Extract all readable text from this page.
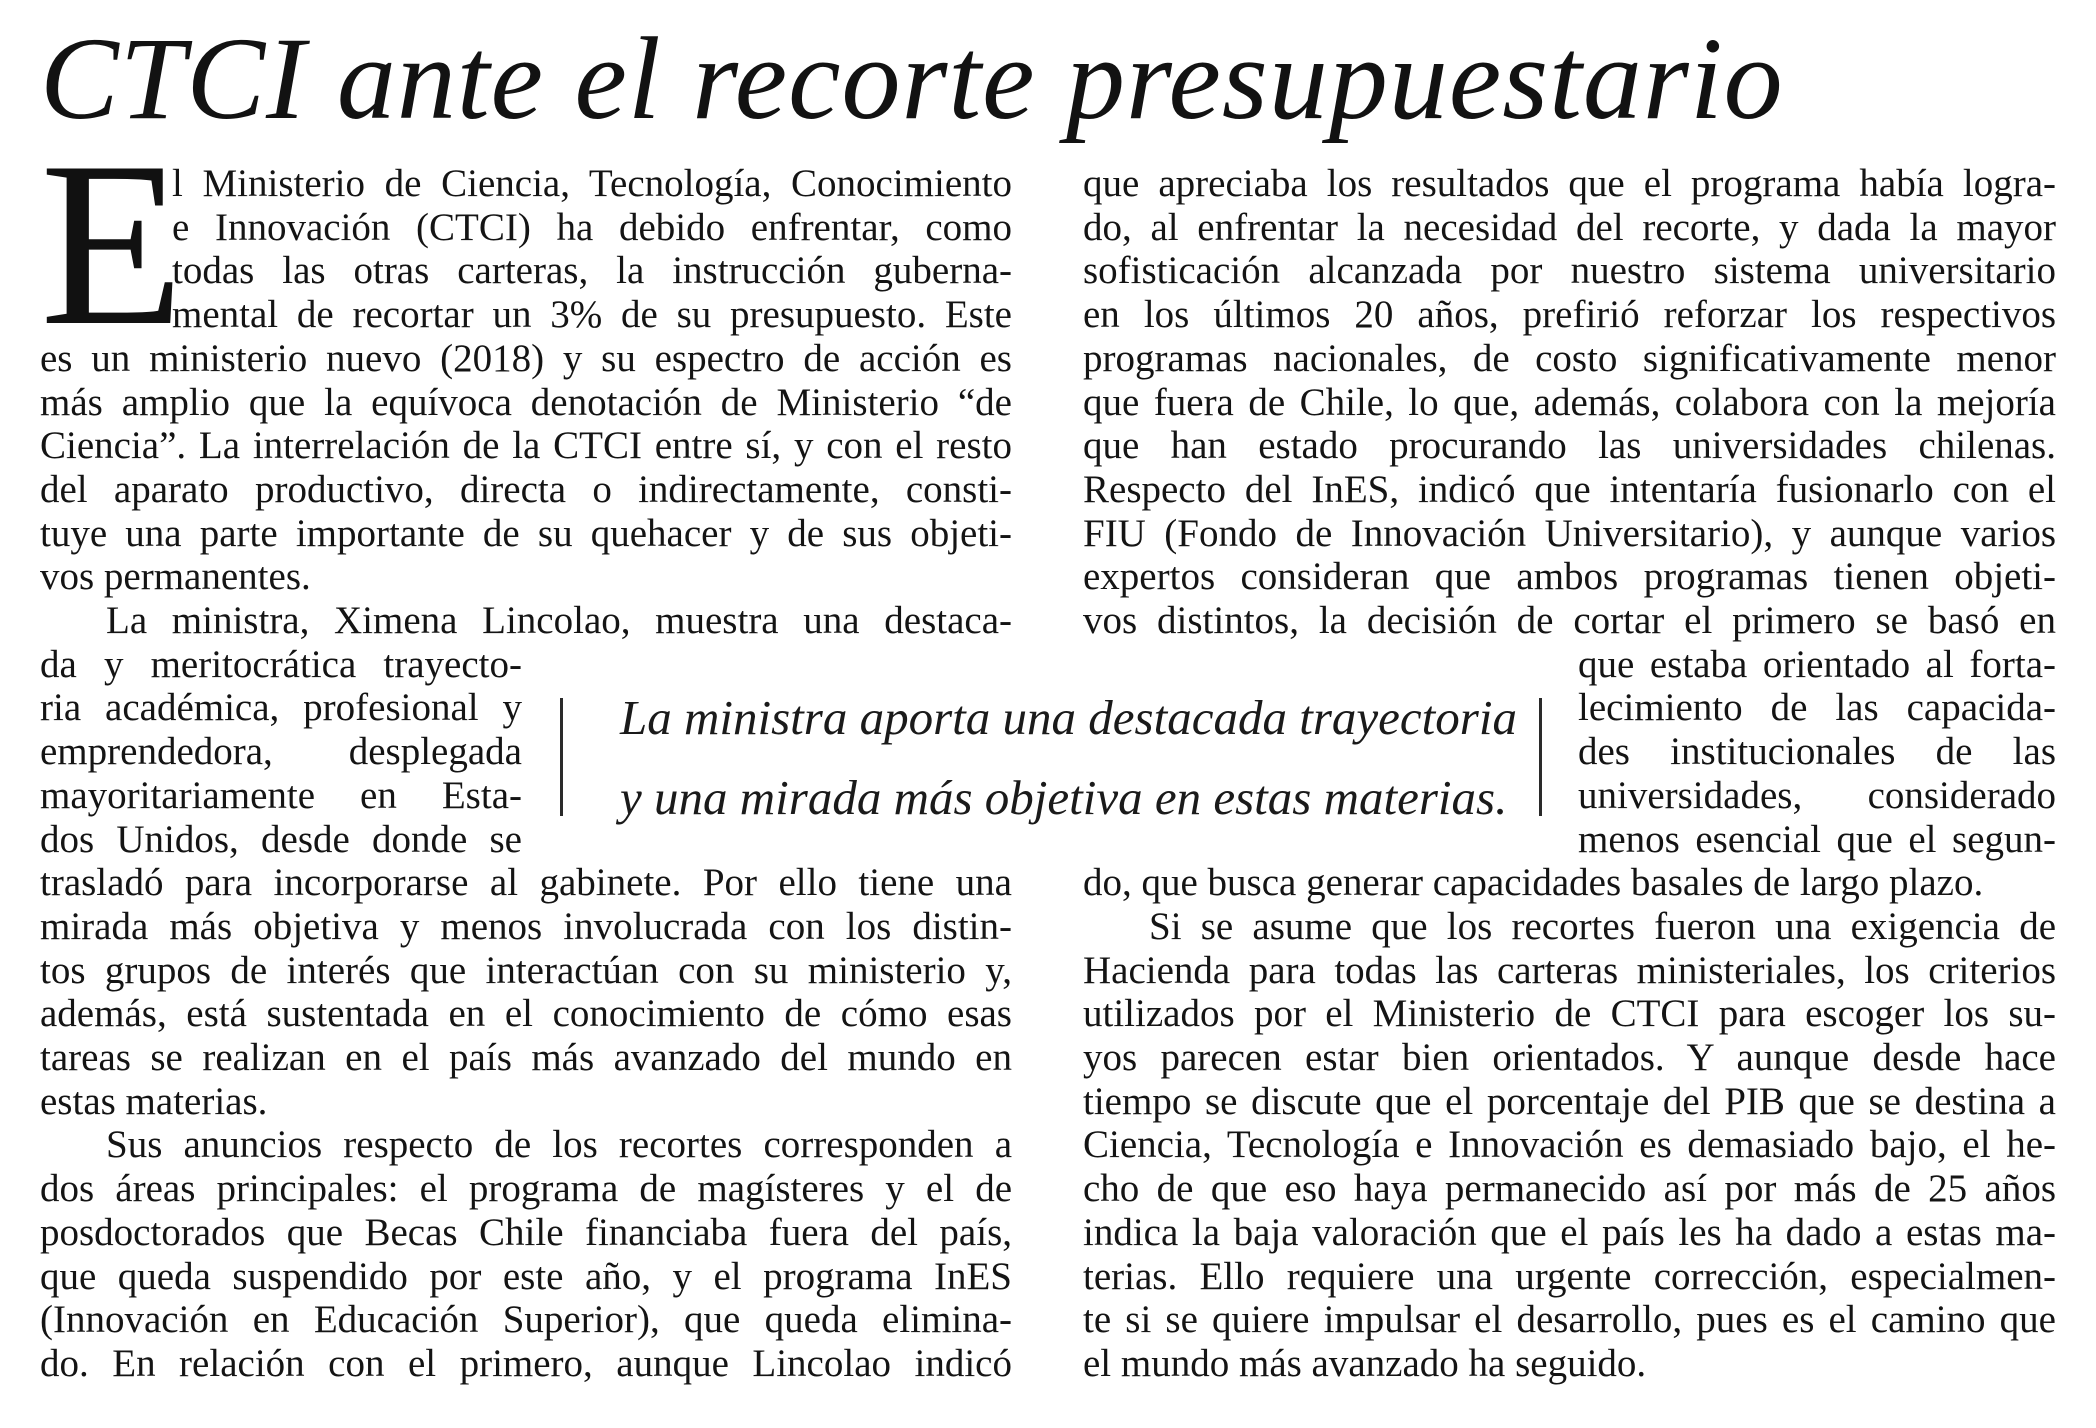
CTCI ante el recorte presupuestario
E
l Ministerio de Ciencia, Tecnología, Conocimiento
e Innovación (CTCI) ha debido enfrentar, como
todas las otras carteras, la instrucción guberna-
mental de recortar un 3% de su presupuesto. Este
es un ministerio nuevo (2018) y su espectro de acción es
más amplio que la equívoca denotación de Ministerio “de
Ciencia”. La interrelación de la CTCI entre sí, y con el resto
del aparato productivo, directa o indirectamente, consti-
tuye una parte importante de su quehacer y de sus objeti-
vos permanentes.
La ministra, Ximena Lincolao, muestra una destaca-
da y meritocrática trayecto-
ria académica, profesional y
emprendedora, desplegada
mayoritariamente en Esta-
dos Unidos, desde donde se
trasladó para incorporarse al gabinete. Por ello tiene una
mirada más objetiva y menos involucrada con los distin-
tos grupos de interés que interactúan con su ministerio y,
además, está sustentada en el conocimiento de cómo esas
tareas se realizan en el país más avanzado del mundo en
estas materias.
Sus anuncios respecto de los recortes corresponden a
dos áreas principales: el programa de magísteres y el de
posdoctorados que Becas Chile financiaba fuera del país,
que queda suspendido por este año, y el programa InES
(Innovación en Educación Superior), que queda elimina-
do. En relación con el primero, aunque Lincolao indicó
que apreciaba los resultados que el programa había logra-
do, al enfrentar la necesidad del recorte, y dada la mayor
sofisticación alcanzada por nuestro sistema universitario
en los últimos 20 años, prefirió reforzar los respectivos
programas nacionales, de costo significativamente menor
que fuera de Chile, lo que, además, colabora con la mejoría
que han estado procurando las universidades chilenas.
Respecto del InES, indicó que intentaría fusionarlo con el
FIU (Fondo de Innovación Universitario), y aunque varios
expertos consideran que ambos programas tienen objeti-
vos distintos, la decisión de cortar el primero se basó en
que estaba orientado al forta-
lecimiento de las capacida-
des institucionales de las
universidades, considerado
menos esencial que el segun-
do, que busca generar capacidades basales de largo plazo.
Si se asume que los recortes fueron una exigencia de
Hacienda para todas las carteras ministeriales, los criterios
utilizados por el Ministerio de CTCI para escoger los su-
yos parecen estar bien orientados. Y aunque desde hace
tiempo se discute que el porcentaje del PIB que se destina a
Ciencia, Tecnología e Innovación es demasiado bajo, el he-
cho de que eso haya permanecido así por más de 25 años
indica la baja valoración que el país les ha dado a estas ma-
terias. Ello requiere una urgente corrección, especialmen-
te si se quiere impulsar el desarrollo, pues es el camino que
el mundo más avanzado ha seguido.
La ministra aporta una destacada trayectoria
y una mirada más objetiva en estas materias.
